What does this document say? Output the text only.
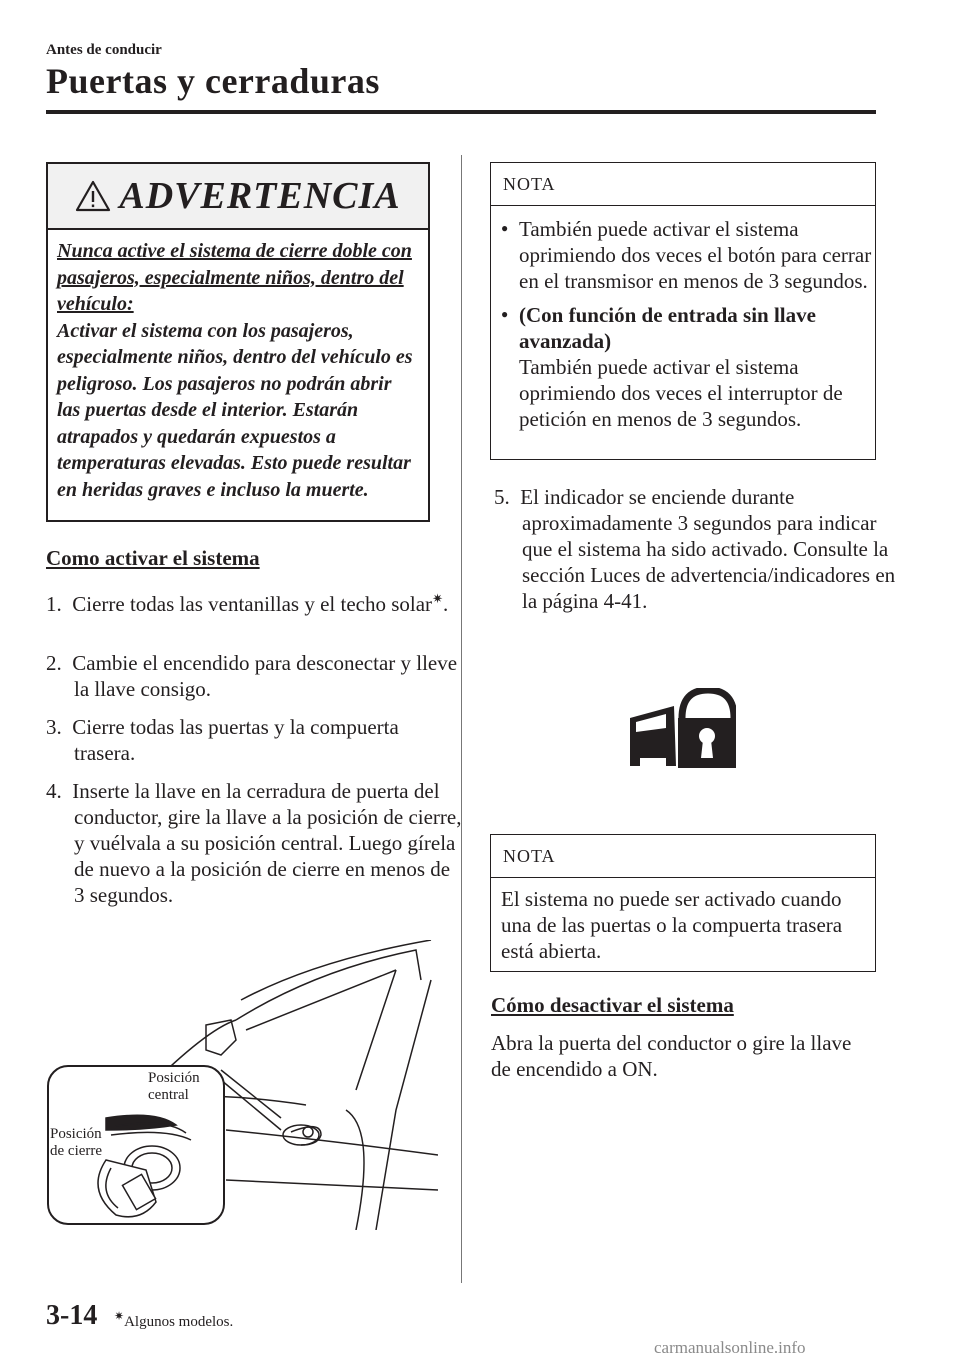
Antes de conducir
Puertas y cerraduras
ADVERTENCIA
Nunca active el sistema de cierre doble con pasajeros, especialmente niños, dentro del vehículo:
Activar el sistema con los pasajeros, especialmente niños, dentro del vehículo es peligroso. Los pasajeros no podrán abrir las puertas desde el interior. Estarán atrapados y quedarán expuestos a temperaturas elevadas. Esto puede resultar en heridas graves e incluso la muerte.
Como activar el sistema
1. Cierre todas las ventanillas y el techo solar✷.
2. Cambie el encendido para desconectar y lleve la llave consigo.
3. Cierre todas las puertas y la compuerta trasera.
4. Inserte la llave en la cerradura de puerta del conductor, gire la llave a la posición de cierre, y vuélvala a su posición central. Luego gírela de nuevo a la posición de cierre en menos de 3 segundos.
Posición
central
Posición
de cierre
NOTA
● También puede activar el sistema oprimiendo dos veces el botón para cerrar en el transmisor en menos de 3 segundos.
● (Con función de entrada sin llave avanzada)
También puede activar el sistema oprimiendo dos veces el interruptor de petición en menos de 3 segundos.
5. El indicador se enciende durante aproximadamente 3 segundos para indicar que el sistema ha sido activado. Consulte la sección Luces de advertencia/indicadores en la página 4-41.
NOTA
El sistema no puede ser activado cuando una de las puertas o la compuerta trasera está abierta.
Cómo desactivar el sistema
Abra la puerta del conductor o gire la llave de encendido a ON.
3-14 ✷Algunos modelos.
carmanualsonline.info
